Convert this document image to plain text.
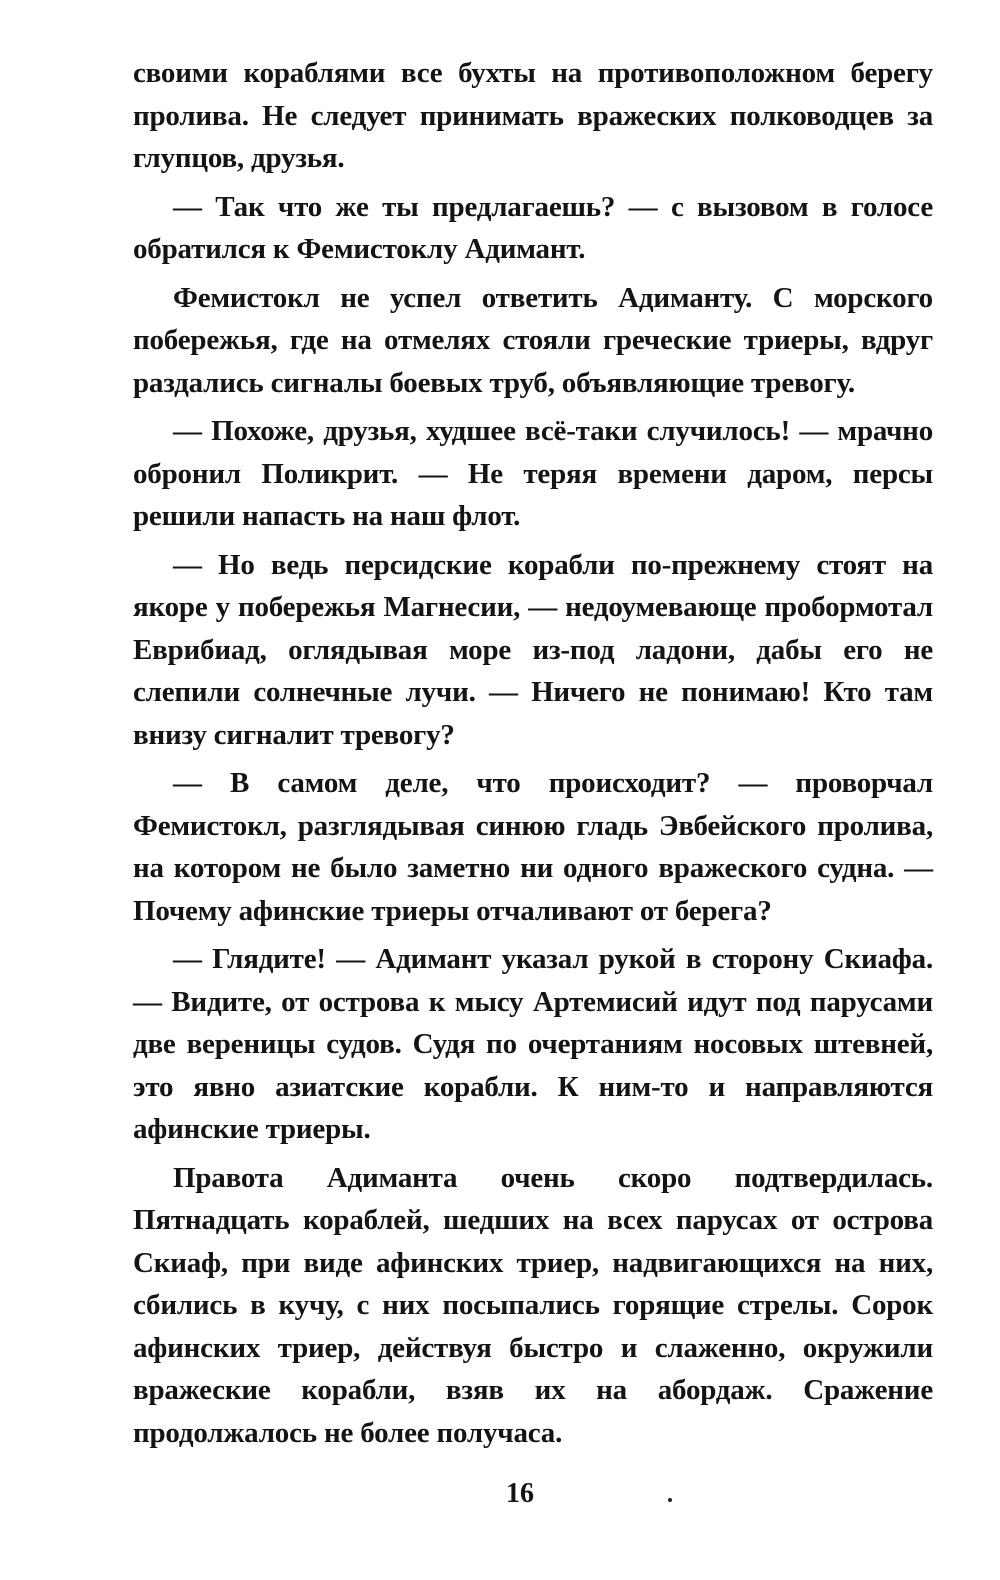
своими кораблями все бухты на противоположном берегу пролива. Не следует принимать вражеских полководцев за глупцов, друзья.

— Так что же ты предлагаешь? — с вызовом в голосе обратился к Фемистоклу Адимант.

Фемистокл не успел ответить Адиманту. С морского побережья, где на отмелях стояли греческие триеры, вдруг раздались сигналы боевых труб, объявляющие тревогу.

— Похоже, друзья, худшее всё-таки случилось! — мрачно обронил Поликрит. — Не теряя времени даром, персы решили напасть на наш флот.

— Но ведь персидские корабли по-прежнему стоят на якоре у побережья Магнесии, — недоумевающе пробормотал Еврибиад, оглядывая море из-под ладони, дабы его не слепили солнечные лучи. — Ничего не понимаю! Кто там внизу сигналит тревогу?

— В самом деле, что происходит? — проворчал Фемистокл, разглядывая синюю гладь Эвбейского пролива, на котором не было заметно ни одного вражеского судна. — Почему афинские триеры отчаливают от берега?

— Глядите! — Адимант указал рукой в сторону Скиафа. — Видите, от острова к мысу Артемисий идут под парусами две вереницы судов. Судя по очертаниям носовых штевней, это явно азиатские корабли. К ним-то и направляются афинские триеры.

Правота Адиманта очень скоро подтвердилась. Пятнадцать кораблей, шедших на всех парусах от острова Скиаф, при виде афинских триер, надвигающихся на них, сбились в кучу, с них посыпались горящие стрелы. Сорок афинских триер, действуя быстро и слаженно, окружили вражеские корабли, взяв их на абордаж. Сражение продолжалось не более получаса.

16
